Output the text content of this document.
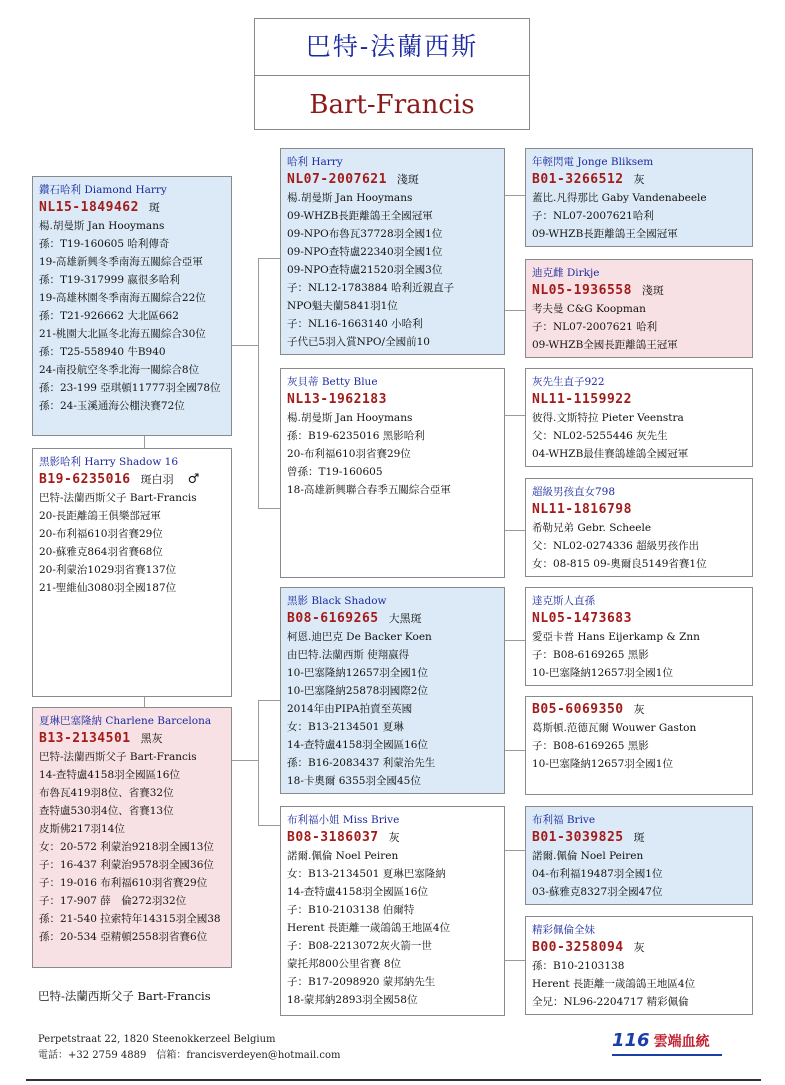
巴特-法蘭西斯
Bart-Francis
鑽石哈利 Diamond Harry
NL15-1849462 斑
楊.胡曼斯 Jan Hooymans
孫：T19-160605 哈利傳奇
19-高雄新興冬季南海五關綜合亞軍
孫：T19-317999 嬴很多哈利
19-高雄林園冬季南海五關綜合22位
孫：T21-926662 大北區662
21-桃園大北區冬北海五關綜合30位
孫：T25-558940 牛B940
24-南投航空冬季北海一關綜合8位
孫：23-199 亞琪頓11777羽全國78位
孫：24-玉溪通海公棚決賽72位
哈利 Harry
NL07-2007621 淺斑
楊.胡曼斯 Jan Hooymans
09-WHZB長距離鴿王全國冠軍
09-NPO布魯瓦37728羽全國1位
09-NPO查特盧22340羽全國1位
09-NPO查特盧21520羽全國3位
子：NL12-1783884 哈利近親直子
NPO魁夫蘭5841羽1位
子：NL16-1663140 小哈利
子代已5羽入賞NPO/全國前10
年輕閃電 Jonge Bliksem
B01-3266512 灰
蓋比.凡得那比 Gaby Vandenabeele
子：NL07-2007621哈利
09-WHZB長距離鴿王全國冠軍
迪克雌 Dirkje
NL05-1936558 淺斑
考夫曼 C&G Koopman
子：NL07-2007621 哈利
09-WHZB全國長距離鴿王冠軍
灰貝蒂 Betty Blue
NL13-1962183
楊.胡曼斯 Jan Hooymans
孫：B19-6235016 黑影哈利
20-布利福610羽省賽29位
曾孫：T19-160605
18-高雄新興聯合春季五關綜合亞軍
灰先生直子922
NL11-1159922
彼得.文斯特拉 Pieter Veenstra
父：NL02-5255446 灰先生
04-WHZB最佳賽鴿雄鴿全國冠軍
超級男孩直女798
NL11-1816798
希勒兄弟 Gebr. Scheele
父：NL02-0274336 超級男孩作出
女：08-815 09-奧爾良5149省賽1位
黑影哈利 Harry Shadow 16
B19-6235016 斑白羽 ♂
巴特-法蘭西斯父子 Bart-Francis
20-長距離鴿王俱樂部冠軍
20-布利福610羽省賽29位
20-蘇雅克864羽省賽68位
20-利蒙治1029羽省賽137位
21-聖維仙3080羽全國187位
黑影 Black Shadow
B08-6169265 大黑斑
柯恩.迪巴克 De Backer Koen
由巴特.法蘭西斯 使翔嬴得
10-巴塞隆納12657羽全國1位
10-巴塞隆納25878羽國際2位
2014年由PIPA拍賣至英國
女：B13-2134501 夏琳
14-查特盧4158羽全國區16位
孫：B16-2083437 利蒙治先生
18-卡奧爾 6355羽全國45位
達克斯人直孫
NL05-1473683
愛亞卡普 Hans Eijerkamp & Znn
子：B08-6169265 黑影
10-巴塞隆納12657羽全國1位
B05-6069350 灰
葛斯頓.范德瓦爾 Wouwer Gaston
子：B08-6169265 黑影
10-巴塞隆納12657羽全國1位
夏琳巴塞隆納 Charlene Barcelona
B13-2134501 黑灰
巴特-法蘭西斯父子 Bart-Francis
14-查特盧4158羽全國區16位
布魯瓦419羽8位、省賽32位
查特盧530羽4位、省賽13位
皮斯佛217羽14位
女：20-572 利蒙治9218羽全國13位
子：16-437 利蒙治9578羽全國36位
子：19-016 布利福610羽省賽29位
子：17-907 薛　倫272羽32位
孫：21-540 拉索特年14315羽全國38
孫：20-534 亞精頓2558羽省賽6位
布利福小姐 Miss Brive
B08-3186037 灰
諾爾.佩倫 Noel Peiren
女：B13-2134501 夏琳巴塞隆納
14-查特盧4158羽全國區16位
子：B10-2103138 伯爾特
Herent 長距離一歲鴿鴿王地區4位
子：B08-2213072灰火箭一世
蒙托邦800公里省賽 8位
子：B17-2098920 蒙邦納先生
18-蒙邦納2893羽全國58位
布利福 Brive
B01-3039825 斑
諾爾.佩倫 Noel Peiren
04-布利福19487羽全國1位
03-蘇雅克8327羽全國47位
精彩佩倫全妹
B00-3258094 灰
孫：B10-2103138
Herent 長距離一歲鴿鴿王地區4位
全兄：NL96-2204717 精彩佩倫
巴特-法蘭西斯父子 Bart-Francis
Perpetstraat 22, 1820 Steenokkerzeel Belgium
電話：+32 2759 4889　信箱：francisverdeyen@hotmail.com
116 雲端血統
